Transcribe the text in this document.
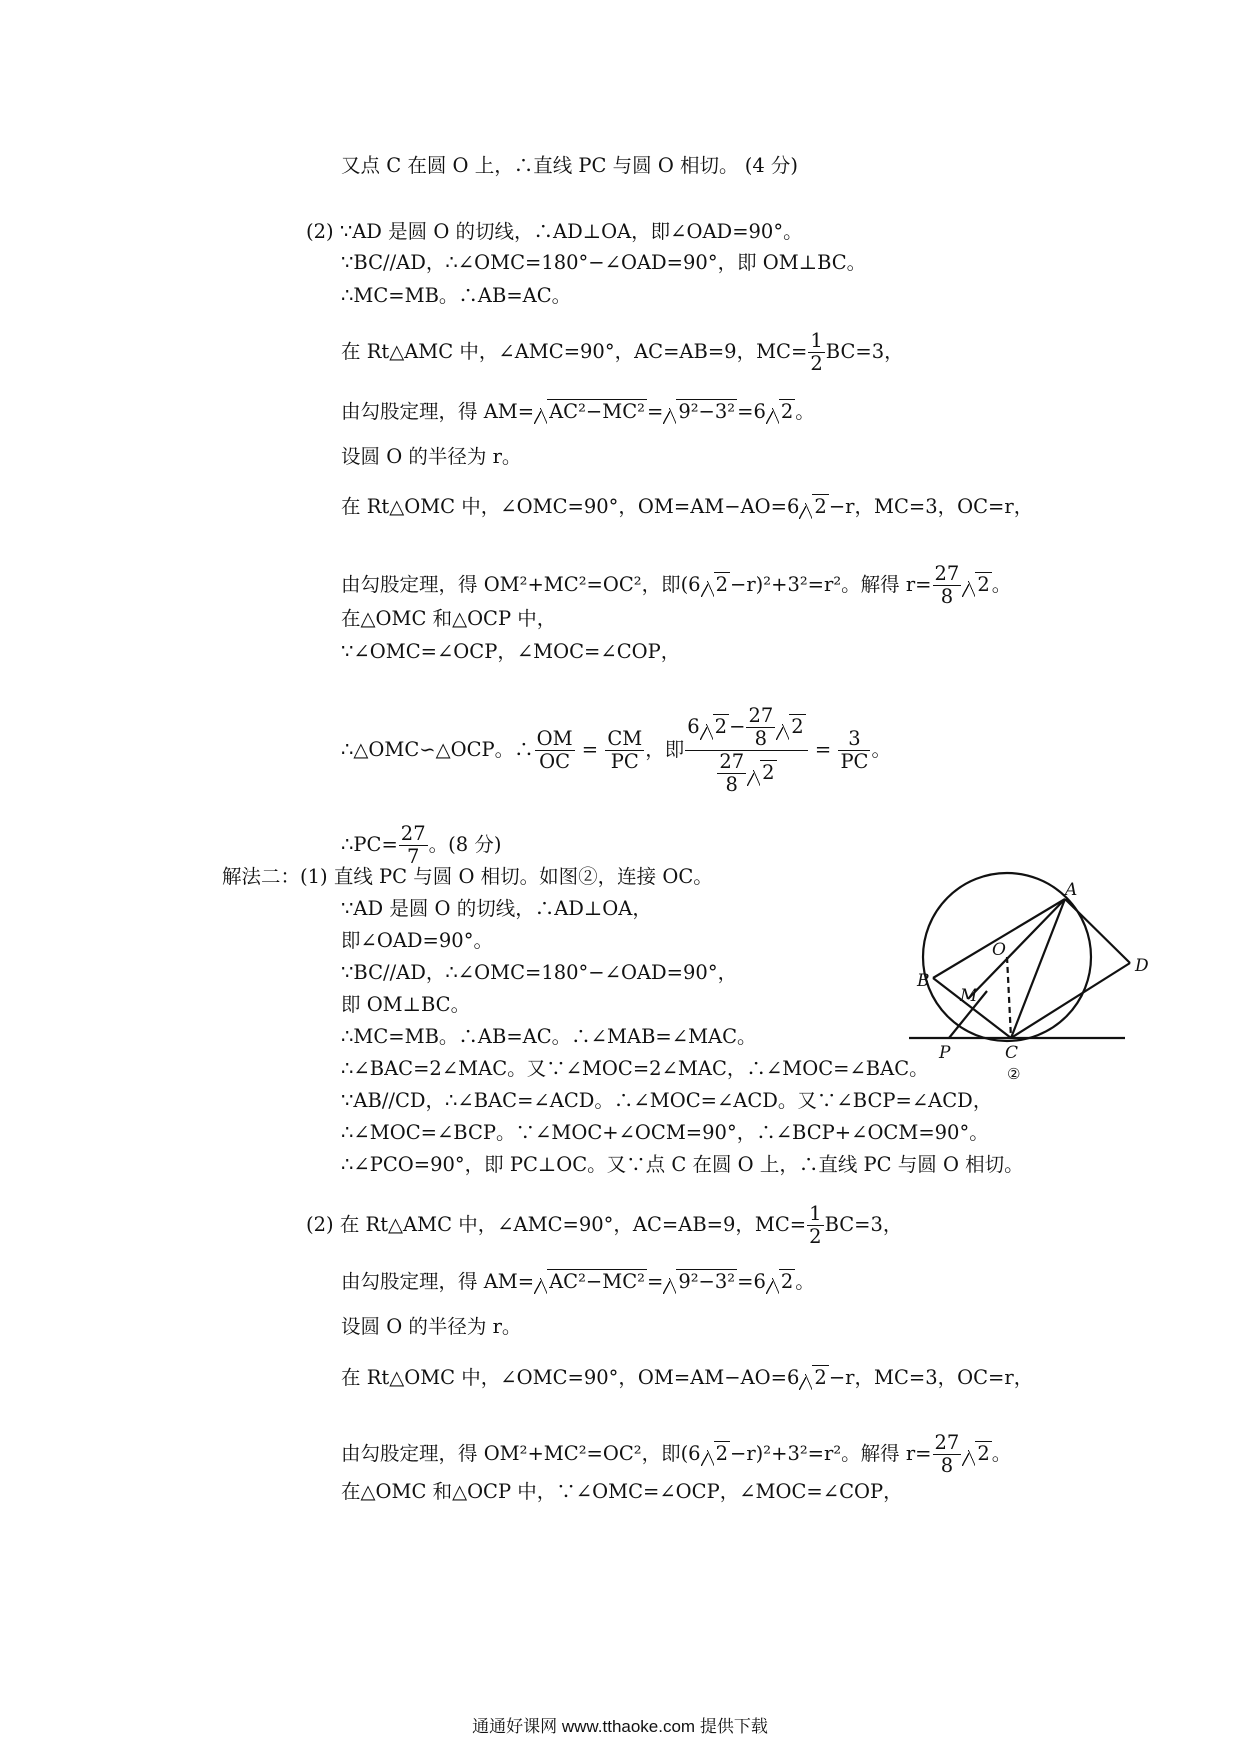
又点 C 在圆 O 上，∴直线 PC 与圆 O 相切。 (4 分)
(2) ∵AD 是圆 O 的切线，∴AD⊥OA，即∠OAD=90°。
∵BC//AD，∴∠OMC=180°−∠OAD=90°，即 OM⊥BC。
∴MC=MB。∴AB=AC。
在 Rt△AMC 中，∠AMC=90°，AC=AB=9，$MC= \frac{1}{2} BC=3$，
由勾股定理，得 AM= AC²−MC² = 9²−3² =6 2 。
设圆 O 的半径为 r。
在 Rt△OMC 中，∠OMC=90°，OM=AM−AO=6 2 −r，MC=3，OC=r，
由勾股定理，得 OM²+MC²=OC²，即(6 2 −r)²+3²=r²。解得 $r= \frac{27}{8} 2$ 。
在△OMC 和△OCP 中，
∵∠OMC=∠OCP，∠MOC=∠COP，
∴△OMC∽△OCP。∴ $\frac{OM}{OC} = \frac{CM}{PC}$ ，即 $\frac{6 2 - \frac{27}{8} 2}{\frac{27}{8} 2} = \frac{3}{PC}$ 。
∴PC= $\frac{27}{7}$ 。(8 分)
解法二：(1) 直线 PC 与圆 O 相切。如图②，连接 OC。
∵AD 是圆 O 的切线，∴AD⊥OA，
即∠OAD=90°。
∵BC//AD，∴∠OMC=180°−∠OAD=90°，
即 OM⊥BC。
∴MC=MB。∴AB=AC。∴∠MAB=∠MAC。
∴∠BAC=2∠MAC。又∵∠MOC=2∠MAC，∴∠MOC=∠BAC。
∵AB//CD，∴∠BAC=∠ACD。∴∠MOC=∠ACD。又∵∠BCP=∠ACD，
∴∠MOC=∠BCP。∵∠MOC+∠OCM=90°，∴∠BCP+∠OCM=90°。
∴∠PCO=90°，即 PC⊥OC。又∵点 C 在圆 O 上，∴直线 PC 与圆 O 相切。
(2) 在 Rt△AMC 中，∠AMC=90°，AC=AB=9，$MC= \frac{1}{2} BC=3$，
由勾股定理，得 AM= AC²−MC² = 9²−3² =6 2 。
设圆 O 的半径为 r。
在 Rt△OMC 中，∠OMC=90°，OM=AM−AO=6 2 −r，MC=3，OC=r，
由勾股定理，得 OM²+MC²=OC²，即(6 2 −r)²+3²=r²。解得 $r= \frac{27}{8} 2$ 。
在△OMC 和△OCP 中，∵∠OMC=∠OCP，∠MOC=∠COP，
A
B
O
M
D
P	C
②
通通好课网 www.tthaoke.com 提供下载
